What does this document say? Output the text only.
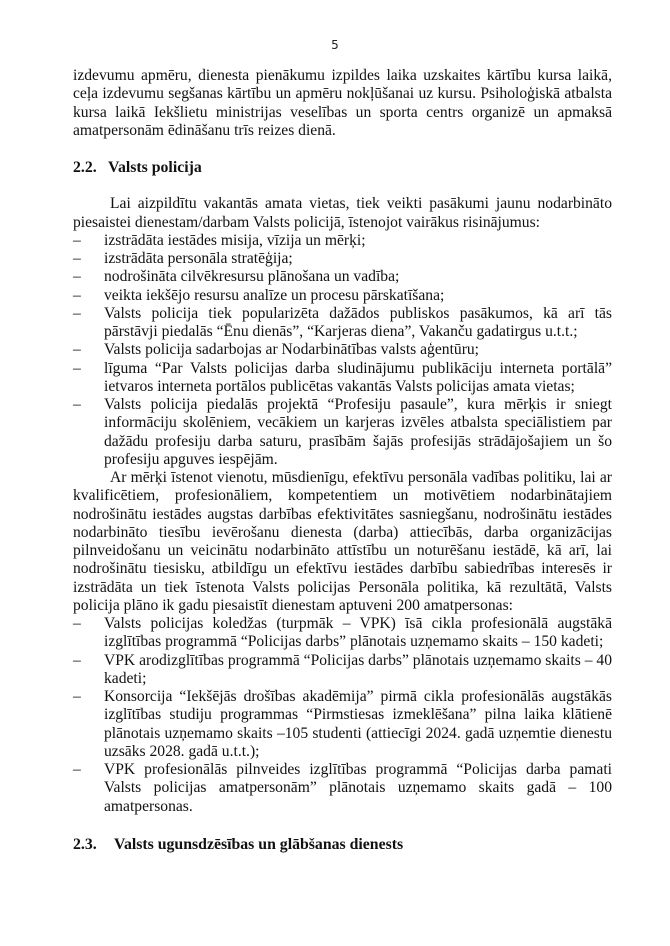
5

izdevumu apmēru, dienesta pienākumu izpildes laika uzskaites kārtību kursa laikā, ceļa izdevumu segšanas kārtību un apmēru nokļūšanai uz kursu. Psiholoģiskā atbalsta kursa laikā Iekšlietu ministrijas veselības un sporta centrs organizē un apmaksā amatpersonām ēdināšanu trīs reizes dienā.

2.2. Valsts policija

Lai aizpildītu vakantās amata vietas, tiek veikti pasākumi jaunu nodarbināto piesaistei dienestam/darbam Valsts policijā, īstenojot vairākus risinājumus:

– izstrādāta iestādes misija, vīzija un mērķi;
– izstrādāta personāla stratēģija;
– nodrošināta cilvēkresursu plānošana un vadība;
– veikta iekšējo resursu analīze un procesu pārskatīšana;
– Valsts policija tiek popularizēta dažādos publiskos pasākumos, kā arī tās pārstāvji piedalās “Ēnu dienās”, “Karjeras diena”, Vakanču gadatirgus u.t.t.;
– Valsts policija sadarbojas ar Nodarbinātības valsts aģentūru;
– līguma “Par Valsts policijas darba sludinājumu publikāciju interneta portālā” ietvaros interneta portālos publicētas vakantās Valsts policijas amata vietas;
– Valsts policija piedalās projektā “Profesiju pasaule”, kura mērķis ir sniegt informāciju skolēniem, vecākiem un karjeras izvēles atbalsta speciālistiem par dažādu profesiju darba saturu, prasībām šajās profesijās strādājošajiem un šo profesiju apguves iespējām.

Ar mērķi īstenot vienotu, mūsdienīgu, efektīvu personāla vadības politiku, lai ar kvalificētiem, profesionāliem, kompetentiem un motivētiem nodarbinātajiem nodrošinātu iestādes augstas darbības efektivitātes sasniegšanu, nodrošinātu iestādes nodarbināto tiesību ievērošanu dienesta (darba) attiecībās, darba organizācijas pilnveidošanu un veicinātu nodarbināto attīstību un noturēšanu iestādē, kā arī, lai nodrošinātu tiesisku, atbildīgu un efektīvu iestādes darbību sabiedrības interesēs ir izstrādāta un tiek īstenota Valsts policijas Personāla politika, kā rezultātā, Valsts policija plāno ik gadu piesaistīt dienestam aptuveni 200 amatpersonas:

– Valsts policijas koledžas (turpmāk – VPK) īsā cikla profesionālā augstākā izglītības programmā “Policijas darbs” plānotais uzņemamo skaits – 150 kadeti;
– VPK arodizglītības programmā “Policijas darbs” plānotais uzņemamo skaits – 40 kadeti;
– Konsorcija “Iekšējās drošības akadēmija” pirmā cikla profesionālās augstākās izglītības studiju programmas “Pirmstiesas izmeklēšana” pilna laika klātienē plānotais uzņemamo skaits –105 studenti (attiecīgi 2024. gadā uzņemtie dienestu uzsāks 2028. gadā u.t.t.);
– VPK profesionālās pilnveides izglītības programmā “Policijas darba pamati Valsts policijas amatpersonām” plānotais uzņemamo skaits gadā – 100 amatpersonas.
2.3.	Valsts ugunsdzēsības un glābšanas dienests
